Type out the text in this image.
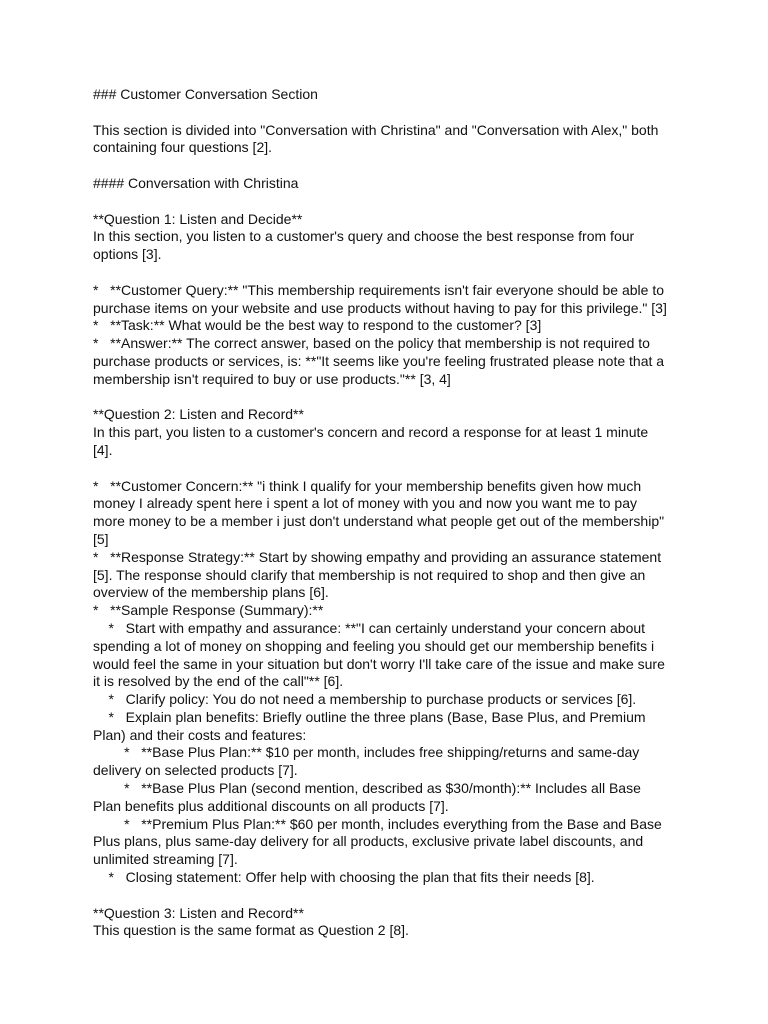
### Customer Conversation Section
This section is divided into "Conversation with Christina" and "Conversation with Alex," both
containing four questions [2].
#### Conversation with Christina
**Question 1: Listen and Decide**
In this section, you listen to a customer's query and choose the best response from four
options [3].
*   **Customer Query:** "This membership requirements isn't fair everyone should be able to
purchase items on your website and use products without having to pay for this privilege." [3]
*   **Task:** What would be the best way to respond to the customer? [3]
*   **Answer:** The correct answer, based on the policy that membership is not required to
purchase products or services, is: **"It seems like you're feeling frustrated please note that a
membership isn't required to buy or use products."** [3, 4]
**Question 2: Listen and Record**
In this part, you listen to a customer's concern and record a response for at least 1 minute
[4].
*   **Customer Concern:** "i think I qualify for your membership benefits given how much
money I already spent here i spent a lot of money with you and now you want me to pay
more money to be a member i just don't understand what people get out of the membership"
[5]
*   **Response Strategy:** Start by showing empathy and providing an assurance statement
[5]. The response should clarify that membership is not required to shop and then give an
overview of the membership plans [6].
*   **Sample Response (Summary):**
*   Start with empathy and assurance: **"I can certainly understand your concern about
spending a lot of money on shopping and feeling you should get our membership benefits i
would feel the same in your situation but don't worry I'll take care of the issue and make sure
it is resolved by the end of the call"** [6].
*   Clarify policy: You do not need a membership to purchase products or services [6].
*   Explain plan benefits: Briefly outline the three plans (Base, Base Plus, and Premium
Plan) and their costs and features:
*   **Base Plus Plan:** $10 per month, includes free shipping/returns and same-day
delivery on selected products [7].
*   **Base Plus Plan (second mention, described as $30/month):** Includes all Base
Plan benefits plus additional discounts on all products [7].
*   **Premium Plus Plan:** $60 per month, includes everything from the Base and Base
Plus plans, plus same-day delivery for all products, exclusive private label discounts, and
unlimited streaming [7].
*   Closing statement: Offer help with choosing the plan that fits their needs [8].
**Question 3: Listen and Record**
This question is the same format as Question 2 [8].
